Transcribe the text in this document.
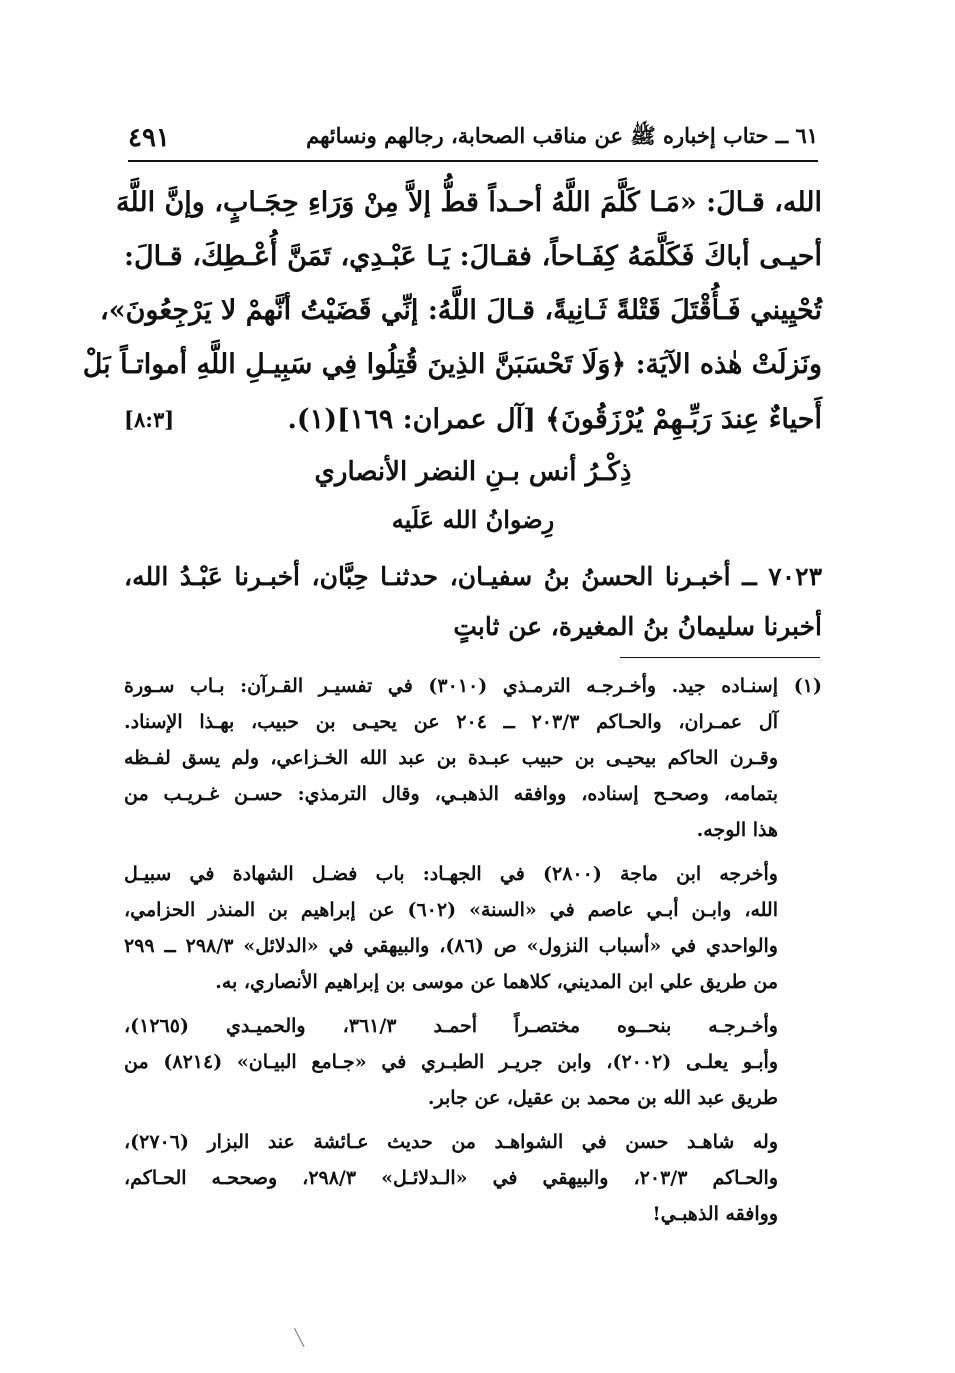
٦١ ــ حتاب إخباره ﷺ عن مناقب الصحابة، رجالهم ونسائهم
٤٩١
الله، قـالَ: «مَـا كَلَّمَ اللَّهُ أحـداً قطُّ إلاَّ مِنْ وَرَاءِ حِجَـابٍ، وإنَّ اللَّهَ
أحيـى أباكَ فَكَلَّمَهُ كِفَـاحاً، فقـالَ: يَـا عَبْـدِي، تَمَنَّ أُعْـطِكَ، قـالَ:
تُحْيِيني فَـأُقْتَلَ قَتْلةً ثَـانِيةً، قـالَ اللَّهُ: إنِّي قَضَيْتُ أنَّهمْ لا يَرْجِعُونَ»،
ونَزلَتْ هٰذه الآيَة: ﴿وَلَا تَحْسَبَنَّ الذِينَ قُتِلُوا فِي سَبِيـلِ اللَّهِ أمواتـاً بَلْ
أَحياءٌ عِندَ رَبِّـهِمْ يُرْزَقُونَ﴾ [آل عمران: ١٦٩](١).
[٨:٣]
ذِكْـرُ أنس بـنِ النضر الأنصاري
رِضوانُ الله عَلَيه
٧٠٢٣ ــ أخبـرنا الحسنُ بنُ سفيـان، حدثنـا حِبَّان، أخبـرنا عَبْـدُ الله،
أخبرنا سليمانُ بنُ المغيرة، عن ثابتٍ
(١)
إسنـاده جيد. وأخـرجـه الترمـذي (٣٠١٠) في تفسيـر القـرآن: بـاب سـورة
آل عمـران، والحـاكم ٢٠٣/٣ ــ ٢٠٤ عن يحيـى بن حبيب، بهـذا الإسناد.
وقـرن الحاكم بيحيـى بن حبيب عبـدة بن عبد الله الخـزاعي، ولم يسق لفـظه
بتمامه، وصحـح إسناده، ووافقه الذهبـي، وقال الترمذي: حسـن غـريـب من
هذا الوجه.
وأخرجه ابن ماجة (٢٨٠٠) في الجهـاد: باب فضـل الشهادة في سبيـل
الله، وابـن أبـي عاصم في «السنة» (٦٠٢) عن إبراهيم بن المنذر الحزامي،
والواحدي في «أسباب النزول» ص (٨٦)، والبيهقي في «الدلائل» ٢٩٨/٣ ــ ٢٩٩
من طريق علي ابن المديني، كلاهما عن موسى بن إبراهيم الأنصاري، به.
وأخـرجـه بنحــوه مختصـراً أحمـد ٣٦١/٣، والحميـدي (١٢٦٥)،
وأبـو يعلـى (٢٠٠٢)، وابن جريـر الطبـري في «جـامع البيـان» (٨٢١٤) من
طريق عبد الله بن محمد بن عقيل، عن جابر.
وله شاهـد حسن في الشواهـد من حديث عـائشة عند البزار (٢٧٠٦)،
والحـاكم ٢٠٣/٣، والبيهقي في «الـدلائـل» ٢٩٨/٣، وصححـه الحـاكم،
ووافقه الذهبـي!
╲
